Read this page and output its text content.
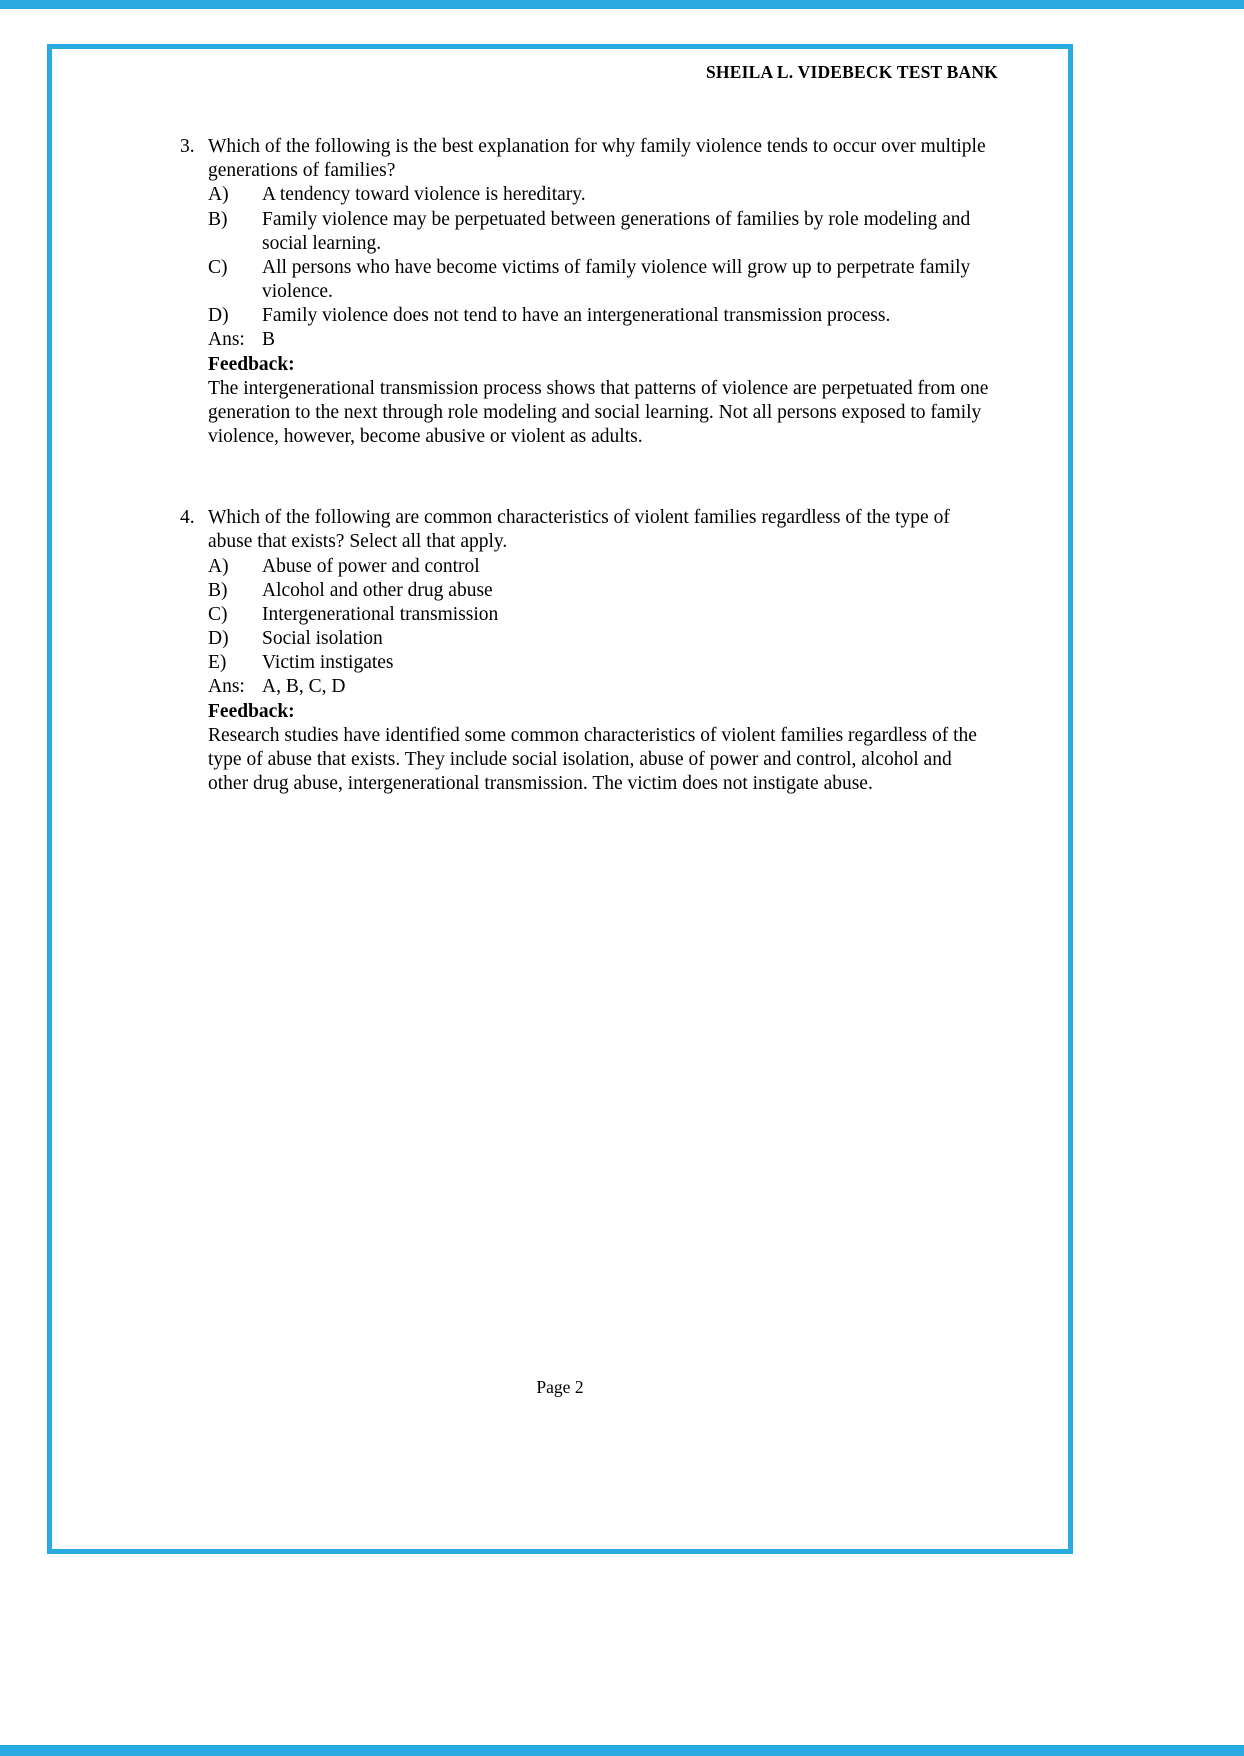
SHEILA L. VIDEBECK TEST BANK
3. Which of the following is the best explanation for why family violence tends to occur over multiple generations of families?
A)	A tendency toward violence is hereditary.
B)	Family violence may be perpetuated between generations of families by role modeling and social learning.
C)	All persons who have become victims of family violence will grow up to perpetrate family violence.
D)	Family violence does not tend to have an intergenerational transmission process.
Ans: B
Feedback:
The intergenerational transmission process shows that patterns of violence are perpetuated from one generation to the next through role modeling and social learning. Not all persons exposed to family violence, however, become abusive or violent as adults.
4. Which of the following are common characteristics of violent families regardless of the type of abuse that exists? Select all that apply.
A)	Abuse of power and control
B)	Alcohol and other drug abuse
C)	Intergenerational transmission
D)	Social isolation
E)	Victim instigates
Ans: A, B, C, D
Feedback:
Research studies have identified some common characteristics of violent families regardless of the type of abuse that exists. They include social isolation, abuse of power and control, alcohol and other drug abuse, intergenerational transmission. The victim does not instigate abuse.
Page 2
